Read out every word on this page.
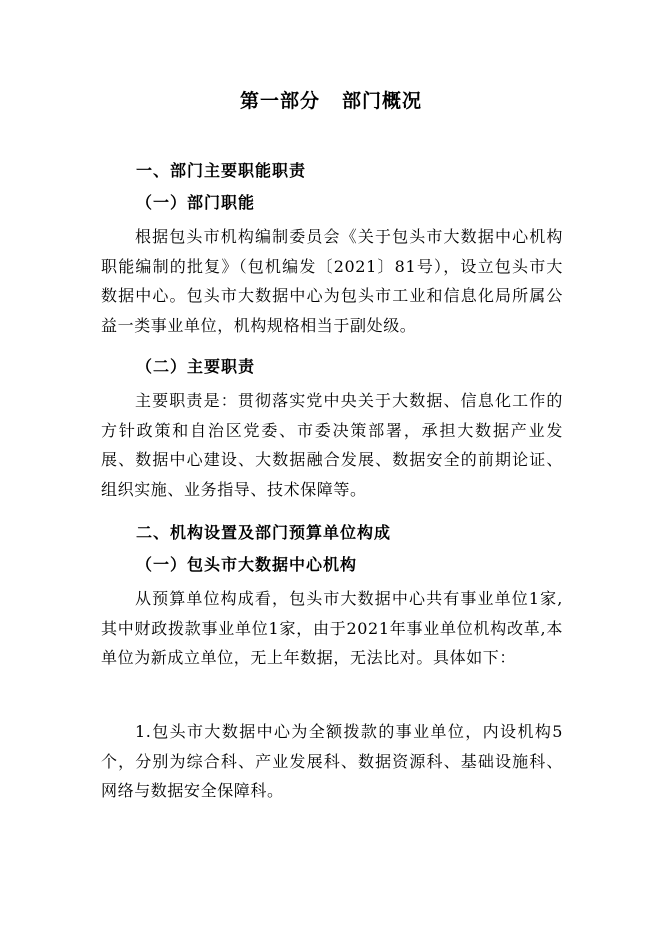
第一部分 部门概况
一、部门主要职能职责
（一）部门职能
根据包头市机构编制委员会《关于包头市大数据中心机构职能编制的批复》（包机编发〔2021〕81号），设立包头市大数据中心。包头市大数据中心为包头市工业和信息化局所属公益一类事业单位，机构规格相当于副处级。
（二）主要职责
主要职责是：贯彻落实党中央关于大数据、信息化工作的方针政策和自治区党委、市委决策部署，承担大数据产业发展、数据中心建设、大数据融合发展、数据安全的前期论证、组织实施、业务指导、技术保障等。
二、机构设置及部门预算单位构成
（一）包头市大数据中心机构
从预算单位构成看，包头市大数据中心共有事业单位1家,其中财政拨款事业单位1家，由于2021年事业单位机构改革,本单位为新成立单位，无上年数据，无法比对。具体如下：
1.包头市大数据中心为全额拨款的事业单位，内设机构5个，分别为综合科、产业发展科、数据资源科、基础设施科、网络与数据安全保障科。
